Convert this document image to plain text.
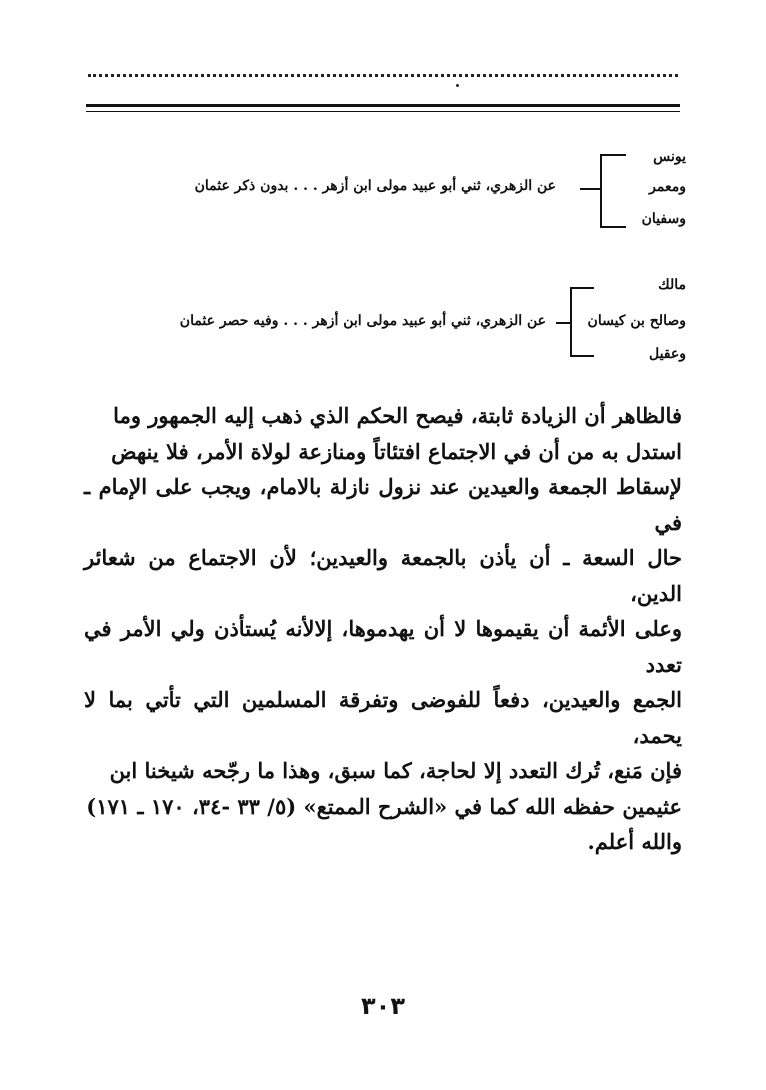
يونس
ومعمر
وسفيان
عن الزهري، ثني أبو عبيد مولى ابن أزهر . . . بدون ذكر عثمان
مالك
وصالح بن كيسان
وعقيل
عن الزهري، ثني أبو عبيد مولى ابن أزهر . . . وفيه حصر عثمان

فالظاهر أن الزيادة ثابتة، فيصح الحكم الذي ذهب إليه الجمهور وما

استدل به من أن في الاجتماع افتئاتاً ومنازعة لولاة الأمر، فلا ينهض

لإسقاط الجمعة والعيدين عند نزول نازلة بالامام، ويجب على الإمام ـ في

حال السعة ـ أن يأذن بالجمعة والعيدين؛ لأن الاجتماع من شعائر الدين،

وعلى الأئمة أن يقيموها لا أن يهدموها، إلالأنه يُستأذن ولي الأمر في تعدد

الجمع والعيدين، دفعاً للفوضى وتفرقة المسلمين التي تأتي بما لا يحمد،

فإن مَنع، تُرك التعدد إلا لحاجة، كما سبق، وهذا ما رجّحه شيخنا ابن

عثيمين حفظه الله كما في «الشرح الممتع» (٥/ ٣٣ -٣٤، ١٧٠ ـ ١٧١)

والله أعلم.

٣٠٣
